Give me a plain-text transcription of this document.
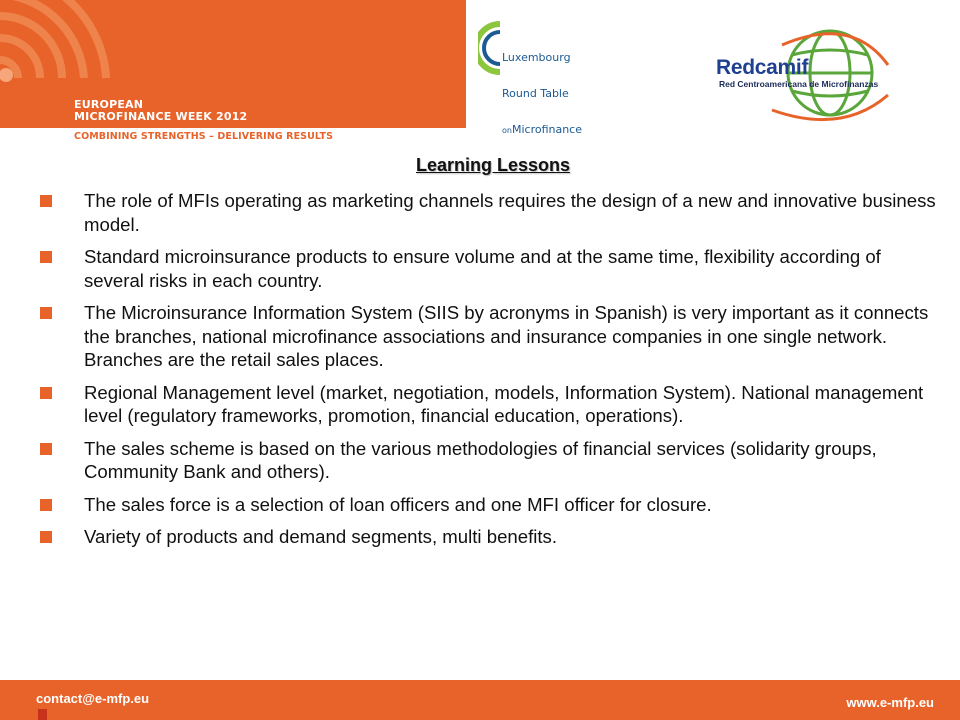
EUROPEAN
MICROFINANCE WEEK 2012
COMBINING STRENGTHS – DELIVERING RESULTS

Luxembourg

Round Table

onMicrofinance

Redcamif
Red Centroamericana de Microfinanzas
Learning Lessons
The role of MFIs operating as marketing channels requires the design of a new and innovative business model.
Standard microinsurance products to ensure volume and at the same time, flexibility according of several risks in each country.
The Microinsurance Information System (SIIS by acronyms in Spanish) is very important as it connects the branches, national microfinance associations and insurance companies in one single network. Branches are the retail sales places.
Regional Management level (market, negotiation, models, Information System). National management level (regulatory frameworks, promotion, financial education, operations).
The sales scheme is based on the various methodologies of financial services (solidarity groups, Community Bank and others).
The sales force is a selection of loan officers and one MFI officer for closure.
Variety of products and demand segments, multi benefits.
contact@e-mfp.eu	www.e-mfp.eu
